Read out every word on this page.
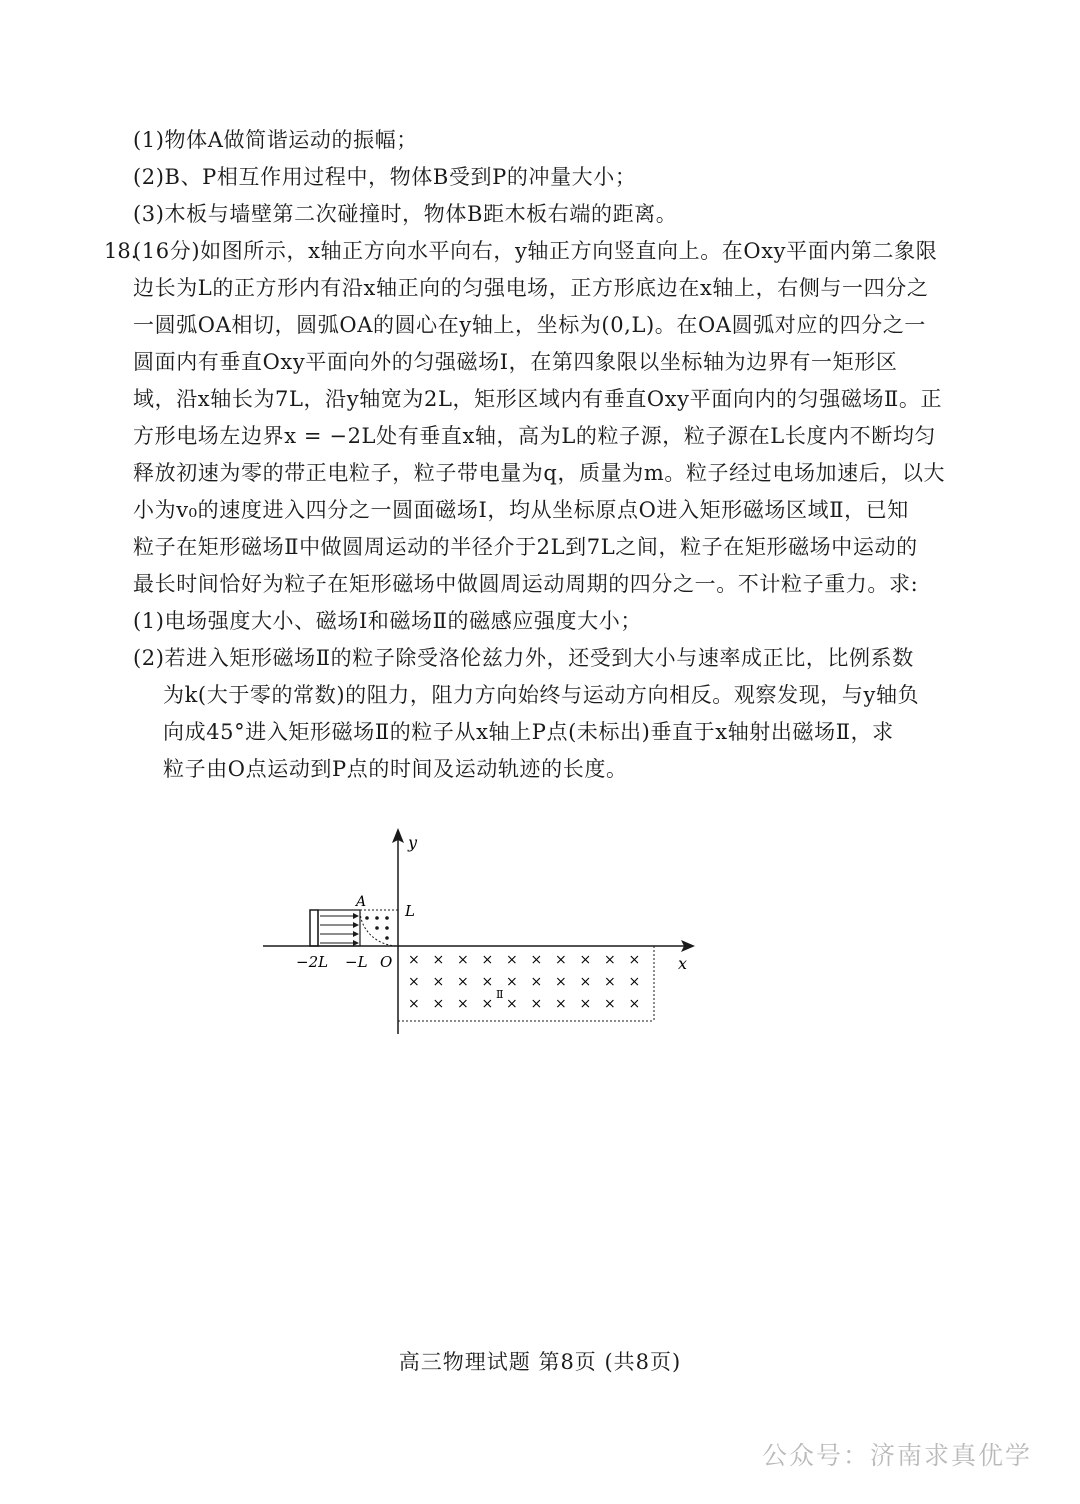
(1)物体A做简谐运动的振幅；
(2)B、P相互作用过程中，物体B受到P的冲量大小；
(3)木板与墙壁第二次碰撞时，物体B距木板右端的距离。
18.
(16分)如图所示，x轴正方向水平向右，y轴正方向竖直向上。在Oxy平面内第二象限
边长为L的正方形内有沿x轴正向的匀强电场，正方形底边在x轴上，右侧与一四分之
一圆弧OA相切，圆弧OA的圆心在y轴上，坐标为(0,L)。在OA圆弧对应的四分之一
圆面内有垂直Oxy平面向外的匀强磁场Ⅰ，在第四象限以坐标轴为边界有一矩形区
域，沿x轴长为7L，沿y轴宽为2L，矩形区域内有垂直Oxy平面向内的匀强磁场Ⅱ。正
方形电场左边界x = −2L处有垂直x轴，高为L的粒子源，粒子源在L长度内不断均匀
释放初速为零的带正电粒子，粒子带电量为q，质量为m。粒子经过电场加速后，以大
小为v₀的速度进入四分之一圆面磁场Ⅰ，均从坐标原点O进入矩形磁场区域Ⅱ，已知
粒子在矩形磁场Ⅱ中做圆周运动的半径介于2L到7L之间，粒子在矩形磁场中运动的
最长时间恰好为粒子在矩形磁场中做圆周运动周期的四分之一。不计粒子重力。求:
(1)电场强度大小、磁场Ⅰ和磁场Ⅱ的磁感应强度大小；
(2)若进入矩形磁场Ⅱ的粒子除受洛伦兹力外，还受到大小与速率成正比，比例系数
为k(大于零的常数)的阻力，阻力方向始终与运动方向相反。观察发现，与y轴负
向成45°进入矩形磁场Ⅱ的粒子从x轴上P点(未标出)垂直于x轴射出磁场Ⅱ，求
粒子由O点运动到P点的时间及运动轨迹的长度。
y
x
A	L
−2L −L O × × × × × × × × × ×
× × × × × × × × × ×
× × × × × × × × × ×
Ⅱ
高三物理试题 第8页 (共8页)
公众号：济南求真优学
